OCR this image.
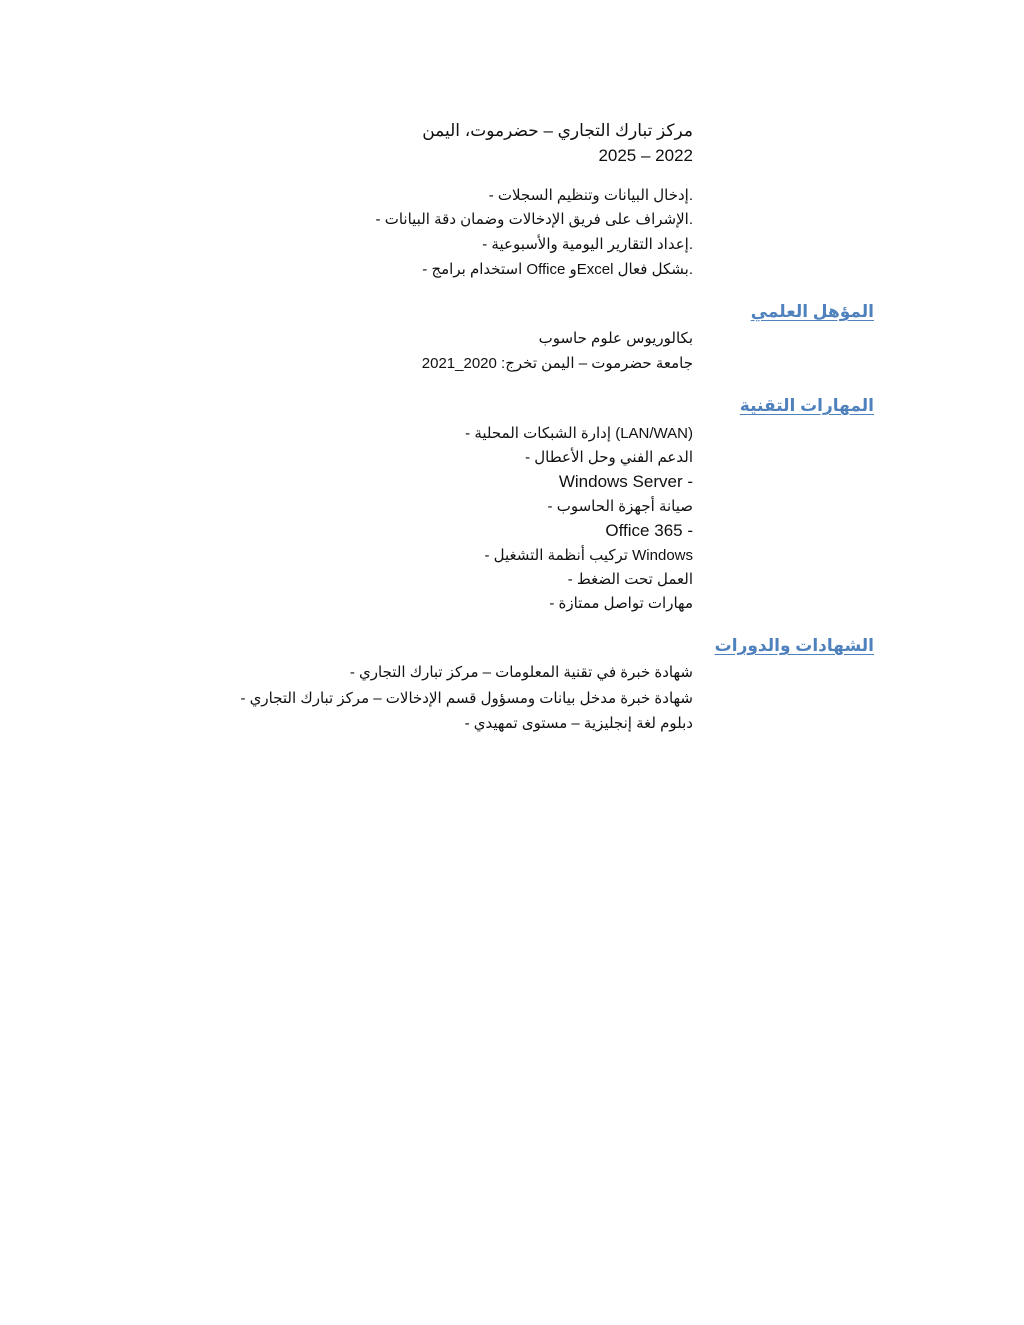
مركز تبارك التجاري – حضرموت، اليمن
2022 – 2025
.إدخال البيانات وتنظيم السجلات -
.الإشراف على فريق الإدخالات وضمان دقة البيانات -
.إعداد التقارير اليومية والأسبوعية -
.بشكل فعال Excelو Office استخدام برامج -
المؤهل العلمي
بكالوريوس علوم حاسوب
جامعة حضرموت – اليمن تخرج: 2020_2021
المهارات التقنية
(LAN/WAN) إدارة الشبكات المحلية -
الدعم الفني وحل الأعطال -
- Windows Server
صيانة أجهزة الحاسوب -
- Office 365
Windows تركيب أنظمة التشغيل -
العمل تحت الضغط -
مهارات تواصل ممتازة -
الشهادات والدورات
شهادة خبرة في تقنية المعلومات – مركز تبارك التجاري -
شهادة خبرة مدخل بيانات ومسؤول قسم الإدخالات – مركز تبارك التجاري -
دبلوم لغة إنجليزية – مستوى تمهيدي -
